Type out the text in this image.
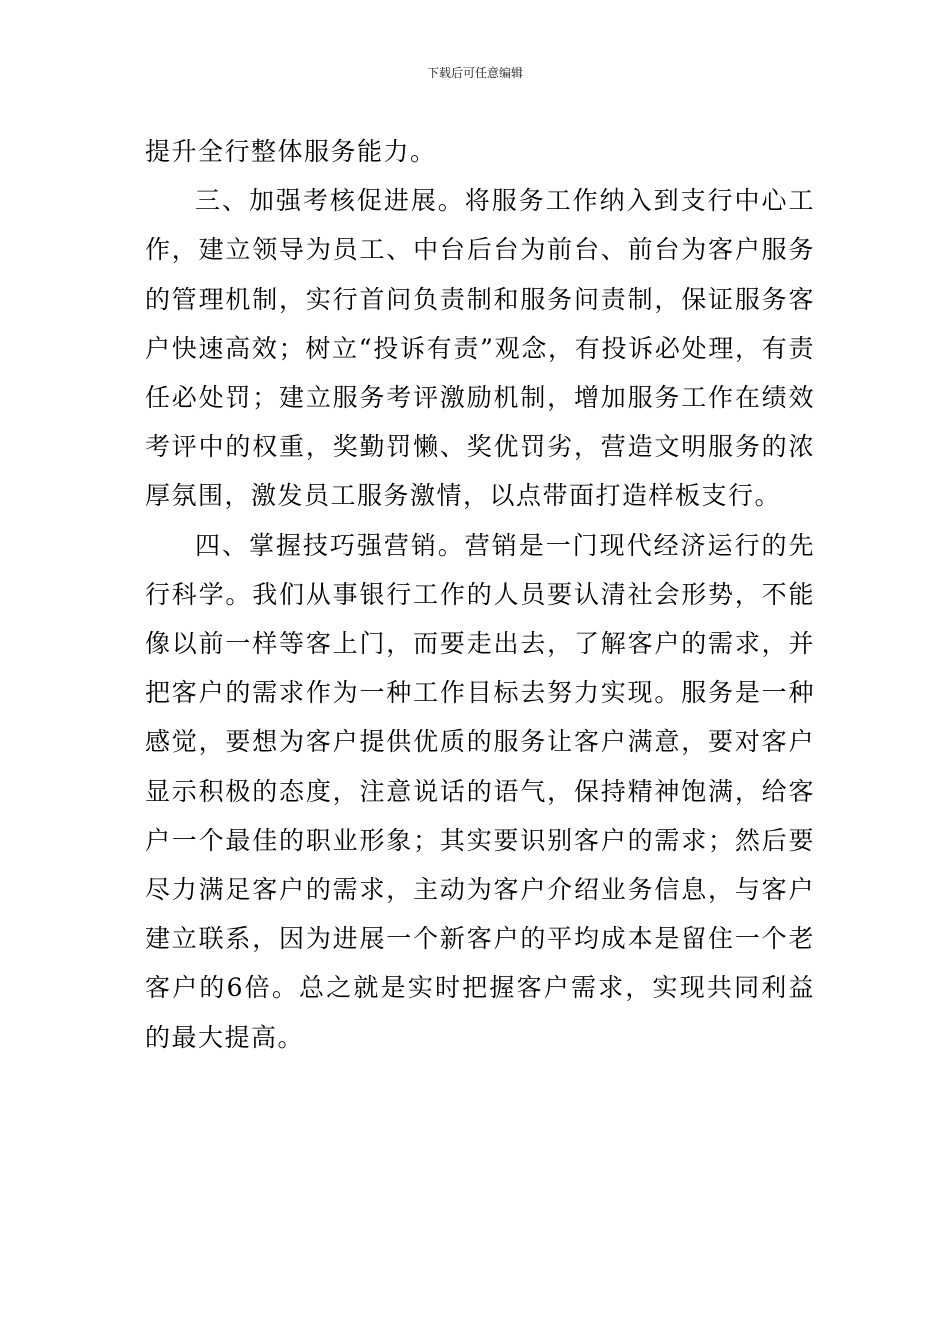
下载后可任意编辑

提升全行整体服务能力。

三、加强考核促进展。将服务工作纳入到支行中心工作，建立领导为员工、中台后台为前台、前台为客户服务的管理机制，实行首问负责制和服务问责制，保证服务客户快速高效；树立“投诉有责”观念，有投诉必处理，有责任必处罚；建立服务考评激励机制，增加服务工作在绩效考评中的权重，奖勤罚懒、奖优罚劣，营造文明服务的浓厚氛围，激发员工服务激情，以点带面打造样板支行。

四、掌握技巧强营销。营销是一门现代经济运行的先行科学。我们从事银行工作的人员要认清社会形势，不能像以前一样等客上门，而要走出去，了解客户的需求，并把客户的需求作为一种工作目标去努力实现。服务是一种感觉，要想为客户提供优质的服务让客户满意，要对客户显示积极的态度，注意说话的语气，保持精神饱满，给客户一个最佳的职业形象；其实要识别客户的需求；然后要尽力满足客户的需求，主动为客户介绍业务信息，与客户建立联系，因为进展一个新客户的平均成本是留住一个老客户的6倍。总之就是实时把握客户需求，实现共同利益的最大提高。
